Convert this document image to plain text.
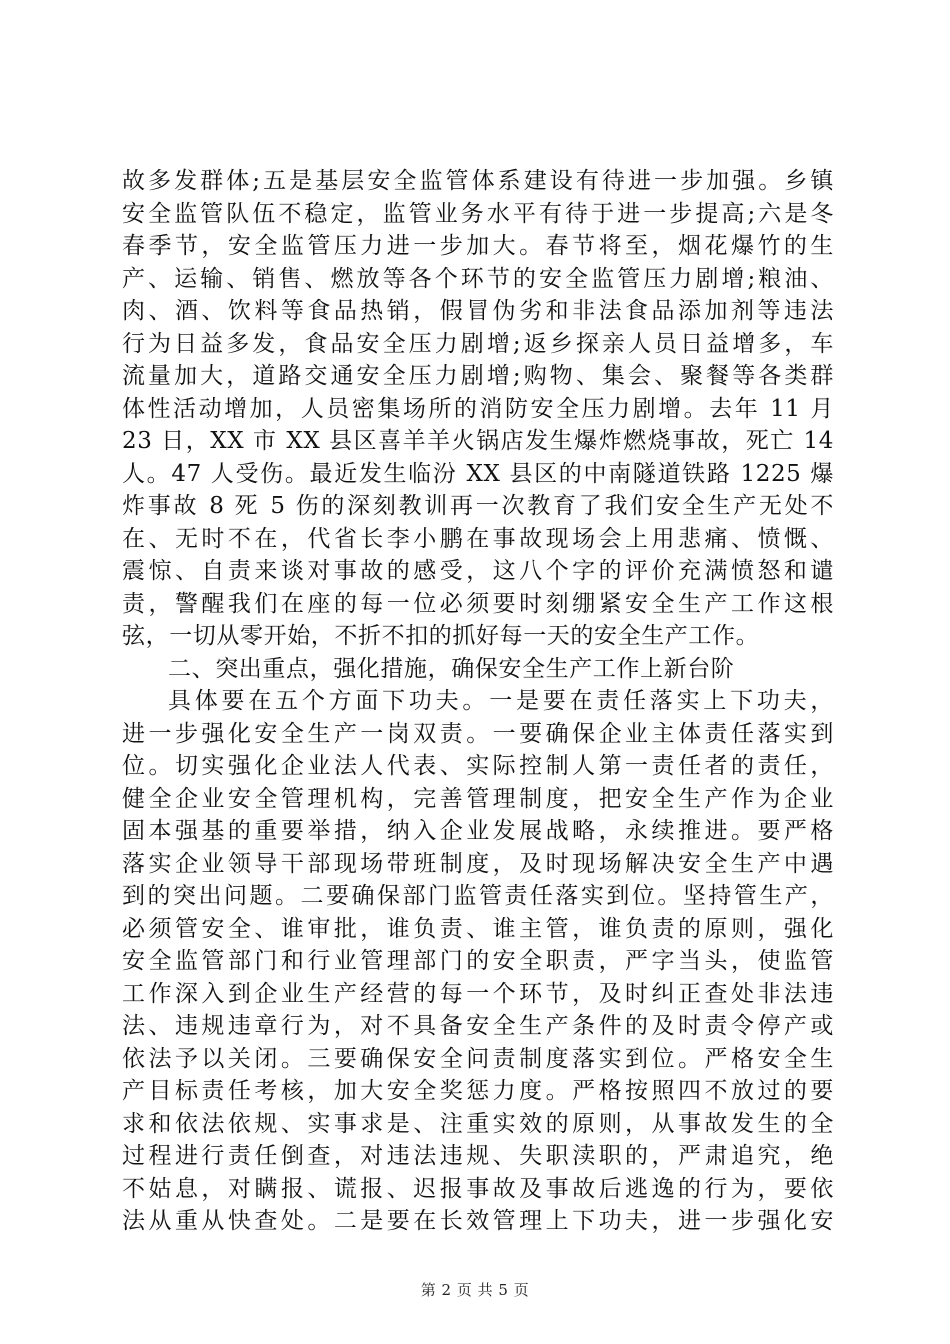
故多发群体;五是基层安全监管体系建设有待进一步加强。乡镇
安全监管队伍不稳定，监管业务水平有待于进一步提高;六是冬
春季节，安全监管压力进一步加大。春节将至，烟花爆竹的生
产、运输、销售、燃放等各个环节的安全监管压力剧增;粮油、
肉、酒、饮料等食品热销，假冒伪劣和非法食品添加剂等违法
行为日益多发，食品安全压力剧增;返乡探亲人员日益增多，车
流量加大，道路交通安全压力剧增;购物、集会、聚餐等各类群
体性活动增加，人员密集场所的消防安全压力剧增。去年 11 月
23 日，XX 市 XX 县区喜羊羊火锅店发生爆炸燃烧事故，死亡 14
人。47 人受伤。最近发生临汾 XX 县区的中南隧道铁路 1225 爆
炸事故 8 死 5 伤的深刻教训再一次教育了我们安全生产无处不
在、无时不在，代省长李小鹏在事故现场会上用悲痛、愤慨、
震惊、自责来谈对事故的感受，这八个字的评价充满愤怒和谴
责，警醒我们在座的每一位必须要时刻绷紧安全生产工作这根
弦，一切从零开始，不折不扣的抓好每一天的安全生产工作。
二、突出重点，强化措施，确保安全生产工作上新台阶
具体要在五个方面下功夫。一是要在责任落实上下功夫，
进一步强化安全生产一岗双责。一要确保企业主体责任落实到
位。切实强化企业法人代表、实际控制人第一责任者的责任，
健全企业安全管理机构，完善管理制度，把安全生产作为企业
固本强基的重要举措，纳入企业发展战略，永续推进。要严格
落实企业领导干部现场带班制度，及时现场解决安全生产中遇
到的突出问题。二要确保部门监管责任落实到位。坚持管生产，
必须管安全、谁审批，谁负责、谁主管，谁负责的原则，强化
安全监管部门和行业管理部门的安全职责，严字当头，使监管
工作深入到企业生产经营的每一个环节，及时纠正查处非法违
法、违规违章行为，对不具备安全生产条件的及时责令停产或
依法予以关闭。三要确保安全问责制度落实到位。严格安全生
产目标责任考核，加大安全奖惩力度。严格按照四不放过的要
求和依法依规、实事求是、注重实效的原则，从事故发生的全
过程进行责任倒查，对违法违规、失职渎职的，严肃追究，绝
不姑息，对瞒报、谎报、迟报事故及事故后逃逸的行为，要依
法从重从快查处。二是要在长效管理上下功夫，进一步强化安
第 2 页 共 5 页
